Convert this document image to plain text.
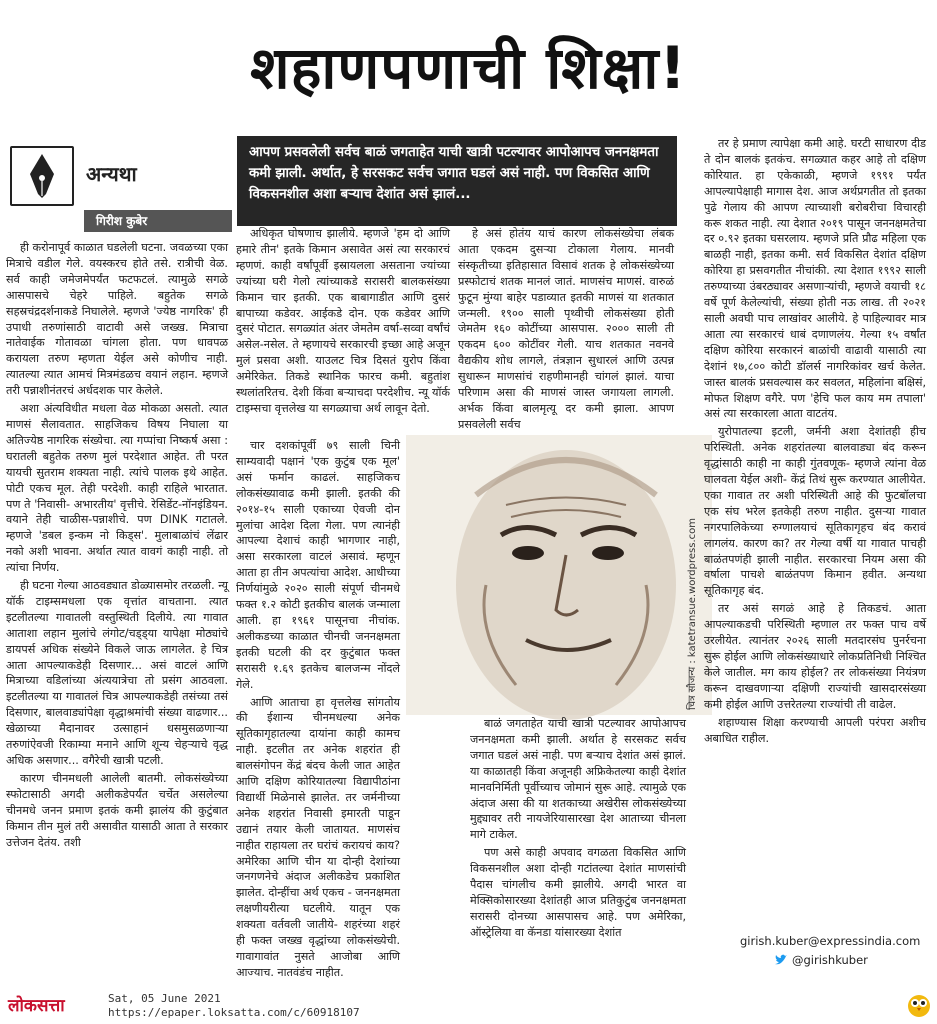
शहाणपणाची शिक्षा!
अन्यथा
गिरीश कुबेर
आपण प्रसवलेली सर्वच बाळं जगताहेत याची खात्री पटल्यावर आपोआपच जननक्षमता कमी झाली. अर्थात, हे सरसकट सर्वच जगात घडलं असं नाही. पण विकसित आणि विकसनशील अशा बऱ्याच देशांत असं झालं...

ही करोनापूर्व काळात घडलेली घटना. जवळच्या एका मित्राचे वडील गेले. वयस्करच होते तसे. रात्रीची वेळ. सर्व काही जमेजमेपर्यंत फटफटलं. त्यामुळे सगळे आसपासचे चेहरे पाहिले. बहुतेक सगळे सहस्रचंद्रदर्शनाकडे निघालेले. म्हणजे 'ज्येष्ठ नागरिक' ही उपाधी तरुणांसाठी वाटावी असे जख्ख. मित्राचा नातेवाईक गोतावळा चांगला होता. पण धावपळ करायला तरुण म्हणता येईल असे कोणीच नाही. त्यातल्या त्यात आमचं मित्रमंडळच वयानं लहान. म्हणजे तरी पन्नाशीनंतरचं अर्धदशक पार केलेले.

अशा अंत्यविधीत मधला वेळ मोकळा असतो. त्यात माणसं सैलावतात. साहजिकच विषय निघाला या अतिज्येष्ठ नागरिक संख्येचा. त्या गप्पांचा निष्कर्ष असा : घरातली बहुतेक तरुण मुलं परदेशात आहेत. ती परत यायची सुतराम शक्यता नाही. त्यांचे पालक इथे आहेत. पोटी एकच मूल. तेही परदेशी. काही राहिले भारतात. पण ते 'निवासी- अभारतीय' वृत्तीचे. रेसिडेंट-नॉनइंडियन. वयाने तेही चाळीस-पन्नाशीचे. पण DINK गटातले. म्हणजे 'डबल इन्कम नो किड्स'. मुलाबाळांचं लेंढार नको अशी भावना. अर्थात त्यात वावगं काही नाही. तो त्यांचा निर्णय.

ही घटना गेल्या आठवड्यात डोळ्यासमोर तरळली. न्यू यॉर्क टाइम्समधला एक वृत्तांत वाचताना. त्यात इटलीतल्या गावातली वस्तुस्थिती दिलीये. त्या गावात आताशा लहान मुलांचे लंगोट/चड्ड्या यापेक्षा मोठ्यांचे डायपर्स अधिक संख्येने विकले जाऊ लागलेत. हे चित्र आता आपल्याकडेही दिसणार... असं वाटलं आणि मित्राच्या वडिलांच्या अंत्ययात्रेचा तो प्रसंग आठवला. इटलीतल्या या गावातलं चित्र आपल्याकडेही तसंच्या तसं दिसणार, बालवाड्यांपेक्षा वृद्धाश्रमांची संख्या वाढणार... खेळाच्या मैदानावर उत्साहानं धसमुसळणाऱ्या तरुणांऐवजी रिकाम्या मनाने आणि शून्य चेहऱ्याचे वृद्ध अधिक असणार... वगैरेची खात्री पटली.

कारण चीनमधली आलेली बातमी. लोकसंख्येच्या स्फोटासाठी अगदी अलीकडेपर्यंत चर्चेत असलेल्या चीनमधे जनन प्रमाण इतकं कमी झालंय की कुटुंबात किमान तीन मुलं तरी असावीत यासाठी आता ते सरकार उत्तेजन देतंय. तशी

अधिकृत घोषणाच झालीये. म्हणजे 'हम दो आणि हमारे तीन' इतके किमान असावेत असं त्या सरकारचं म्हणणं. काही वर्षांपूर्वी इस्रायलला असताना ज्यांच्या ज्यांच्या घरी गेलो त्यांच्याकडे सरासरी बालकसंख्या किमान चार इतकी. एक बाबागाडीत आणि दुसरं बापाच्या कडेवर. आईकडे दोन. एक कडेवर आणि दुसरं पोटात. सगळ्यांत अंतर जेमतेम वर्षा-सव्वा वर्षांचं असेल-नसेल. ते म्हणायचे सरकारची इच्छा आहे अजून मुलं प्रसवा अशी. याउलट चित्र दिसतं युरोप किंवा अमेरिकेत. तिकडे स्थानिक फारच कमी. बहुतांश स्थलांतरितच. देशी किंवा बऱ्याचदा परदेशीच. न्यू यॉर्क टाइम्सचा वृत्तलेख या सगळ्याचा अर्थ लावून देतो.

चार दशकांपूर्वी ७९ साली चिनी साम्यवादी पक्षानं 'एक कुटुंब एक मूल' असं फर्मान काढलं. साहजिकच लोकसंख्यावाढ कमी झाली. इतकी की २०१४-१५ साली एकाच्या ऐवजी दोन मुलांचा आदेश दिला गेला. पण त्यानंही आपल्या देशाचं काही भागणार नाही, असा सरकारला वाटलं असावं. म्हणून आता हा तीन अपत्यांचा आदेश. आधीच्या निर्णयांमुळे २०२० साली संपूर्ण चीनमधे फक्त १.२ कोटी इतकीच बालकं जन्माला आली. हा १९६१ पासूनचा नीचांक. अलीकडच्या काळात चीनची जननक्षमता इतकी घटली की दर कुटुंबात फक्त सरासरी १.६९ इतकेच बालजन्म नोंदले गेले.

आणि आताचा हा वृत्तलेख सांगतोय की ईशान्य चीनमधल्या अनेक सूतिकागृहातल्या दायांना काही कामच नाही. इटलीत तर अनेक शहरांत ही बालसंगोपन केंद्रं बंदच केली जात आहेत आणि दक्षिण कोरियातल्या विद्यापीठांना विद्यार्थी मिळेनासे झालेत. तर जर्मनीच्या अनेक शहरांत निवासी इमारती पाडून उद्यानं तयार केली जातायत. माणसंच नाहीत राहायला तर घरांचं करायचं काय? अमेरिका आणि चीन या दोन्ही देशांच्या जनगणनेचे अंदाज अलीकडेच प्रकाशित झालेत. दोन्हींचा अर्थ एकच - जननक्षमता लक्षणीयरीत्या घटलीये. यातून एक शक्यता वर्तवली जातीये- शहरंच्या शहरं ही फक्त जख्ख वृद्धांच्या लोकसंख्येची. गावागावांत नुसते आजोबा आणि आज्याच. नातवंडंच नाहीत.

हे असं होतंय याचं कारण लोकसंख्येचा लंबक आता एकदम दुसऱ्या टोकाला गेलाय. मानवी संस्कृतीच्या इतिहासात विसावं शतक हे लोकसंख्येच्या प्रस्फोटाचं शतक मानलं जातं. माणसंच माणसं. वारुळं फुटून मुंग्या बाहेर पडाव्यात इतकी माणसं या शतकात जन्मली. १९०० साली पृथ्वीची लोकसंख्या होती जेमतेम १६० कोटींच्या आसपास. २००० साली ती एकदम ६०० कोटींवर गेली. याच शतकात नवनवे वैद्यकीय शोध लागले, तंत्रज्ञान सुधारलं आणि उत्पन्न सुधारून माणसांचं राहणीमानही चांगलं झालं. याचा परिणाम असा की माणसं जास्त जगायला लागली. अर्भक किंवा बालमृत्यू दर कमी झाला. आपण प्रसवलेली सर्वच

चित्र सौजन्य : katetransue.wordpress.com

बाळं जगताहेत याची खात्री पटल्यावर आपोआपच जननक्षमता कमी झाली. अर्थात हे सरसकट सर्वच जगात घडलं असं नाही. पण बऱ्याच देशांत असं झालं. या काळातही किंवा अजूनही अफ्रिकेतल्या काही देशांत मानवनिर्मिती पूर्वीच्याच जोमानं सुरू आहे. त्यामुळे एक अंदाज असा की या शतकाच्या अखेरीस लोकसंख्येच्या मुद्द्यावर तरी नायजेरियासारखा देश आताच्या चीनला मागे टाकेल.

पण असे काही अपवाद वगळता विकसित आणि विकसनशील अशा दोन्ही गटांतल्या देशांत माणसांची पैदास चांगलीच कमी झालीये. अगदी भारत वा मेक्सिकोसारख्या देशांतही आज प्रतिकुटुंब जननक्षमता सरासरी दोनच्या आसपासच आहे. पण अमेरिका, ऑस्ट्रेलिया वा कॅनडा यांसारख्या देशांत

तर हे प्रमाण त्यापेक्षा कमी आहे. घरटी साधारण दीड ते दोन बालकं इतकंच. सगळ्यात कहर आहे तो दक्षिण कोरियात. हा एकेकाळी, म्हणजे १९९१ पर्यंत आपल्यापेक्षाही मागास देश. आज अर्थप्रगतीत तो इतका पुढे गेलाय की आपण त्याच्याशी बरोबरीचा विचारही करू शकत नाही. त्या देशात २०१९ पासून जननक्षमतेचा दर ०.९२ इतका घसरलाय. म्हणजे प्रति प्रौढ महिला एक बाळही नाही, इतका कमी. सर्व विकसित देशांत दक्षिण कोरिया हा प्रसवगतीत नीचांकी. त्या देशात १९९२ साली तरुण्याच्या उंबरठ्यावर असणाऱ्यांची, म्हणजे वयाची १८ वर्षे पूर्ण केलेल्यांची, संख्या होती नऊ लाख. ती २०२१ साली अवघी पाच लाखांवर आलीये. हे पाहिल्यावर मात्र आता त्या सरकारचं धाबं दणाणलंय. गेल्या १५ वर्षांत दक्षिण कोरिया सरकारनं बाळांची वाढावी यासाठी त्या देशांनं १७,८०० कोटी डॉलर्स नागरिकांवर खर्च केलेत. जास्त बालकं प्रसवल्यास कर सवलत, महिलांना बक्षिसं, मोफत शिक्षण वगैरे. पण 'हेचि फल काय मम तपाला' असं त्या सरकारला आता वाटतंय.

युरोपातल्या इटली, जर्मनी अशा देशांतही हीच परिस्थिती. अनेक शहरांतल्या बालवाड्या बंद करून वृद्धांसाठी काही ना काही गुंतवणूक- म्हणजे त्यांना वेळ घालवता येईल अशी- केंद्रं तिथं सुरू करण्यात आलीयेत. एका गावात तर अशी परिस्थिती आहे की फुटबॉलचा एक संघ भरेल इतकेही तरुण नाहीत. दुसऱ्या गावात नगरपालिकेच्या रुग्णालयाचं सूतिकागृहच बंद करावं लागलंय. कारण का? तर गेल्या वर्षी या गावात पाचही बाळंतपणंही झाली नाहीत. सरकारचा नियम असा की वर्षाला पाचशे बाळंतपण किमान हवीत. अन्यथा सूतिकागृह बंद.

तर असं सगळं आहे हे तिकडचं. आता आपल्याकडची परिस्थिती म्हणाल तर फक्त पाच वर्षे उरलीयेत. त्यानंतर २०२६ साली मतदारसंघ पुनर्रचना सुरू होईल आणि लोकसंख्याधारे लोकप्रतिनिधी निश्चित केले जातील. मग काय होईल? तर लोकसंख्या नियंत्रण करून दाखवणाऱ्या दक्षिणी राज्यांची खासदारसंख्या कमी होईल आणि उत्तरेतल्या राज्यांची ती वाढेल.

शहाण्यास शिक्षा करण्याची आपली परंपरा अशीच अबाधित राहील.

girish.kuber@expressindia.com
@girishkuber
लोकसत्ता	Sat, 05 June 2021
https://epaper.loksatta.com/c/60918107
